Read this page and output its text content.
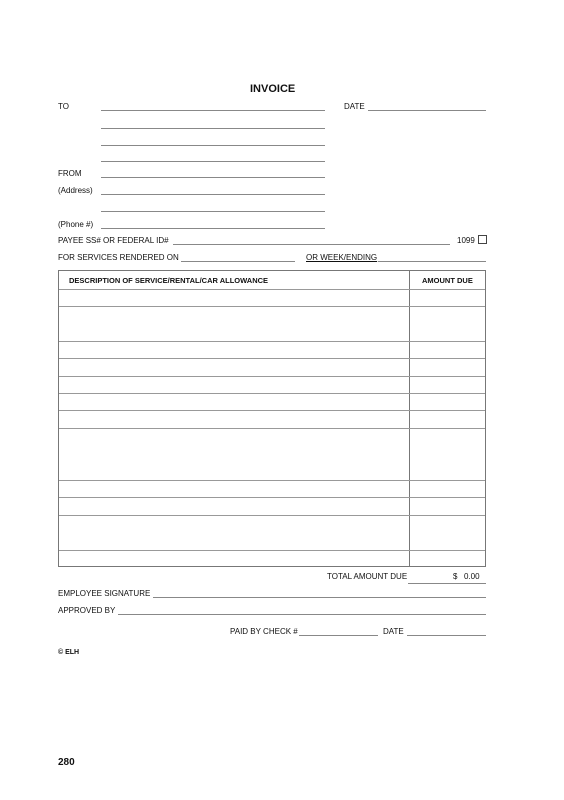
INVOICE
TO	DATE
FROM
(Address)
(Phone #)
PAYEE SS# OR FEDERAL ID#	1099
FOR SERVICES RENDERED ON	OR WEEK/ENDING
DESCRIPTION OF SERVICE/RENTAL/CAR ALLOWANCE	AMOUNT DUE
TOTAL AMOUNT DUE	$ 0.00
EMPLOYEE SIGNATURE
APPROVED BY
PAID BY CHECK #	DATE
© ELH
280
